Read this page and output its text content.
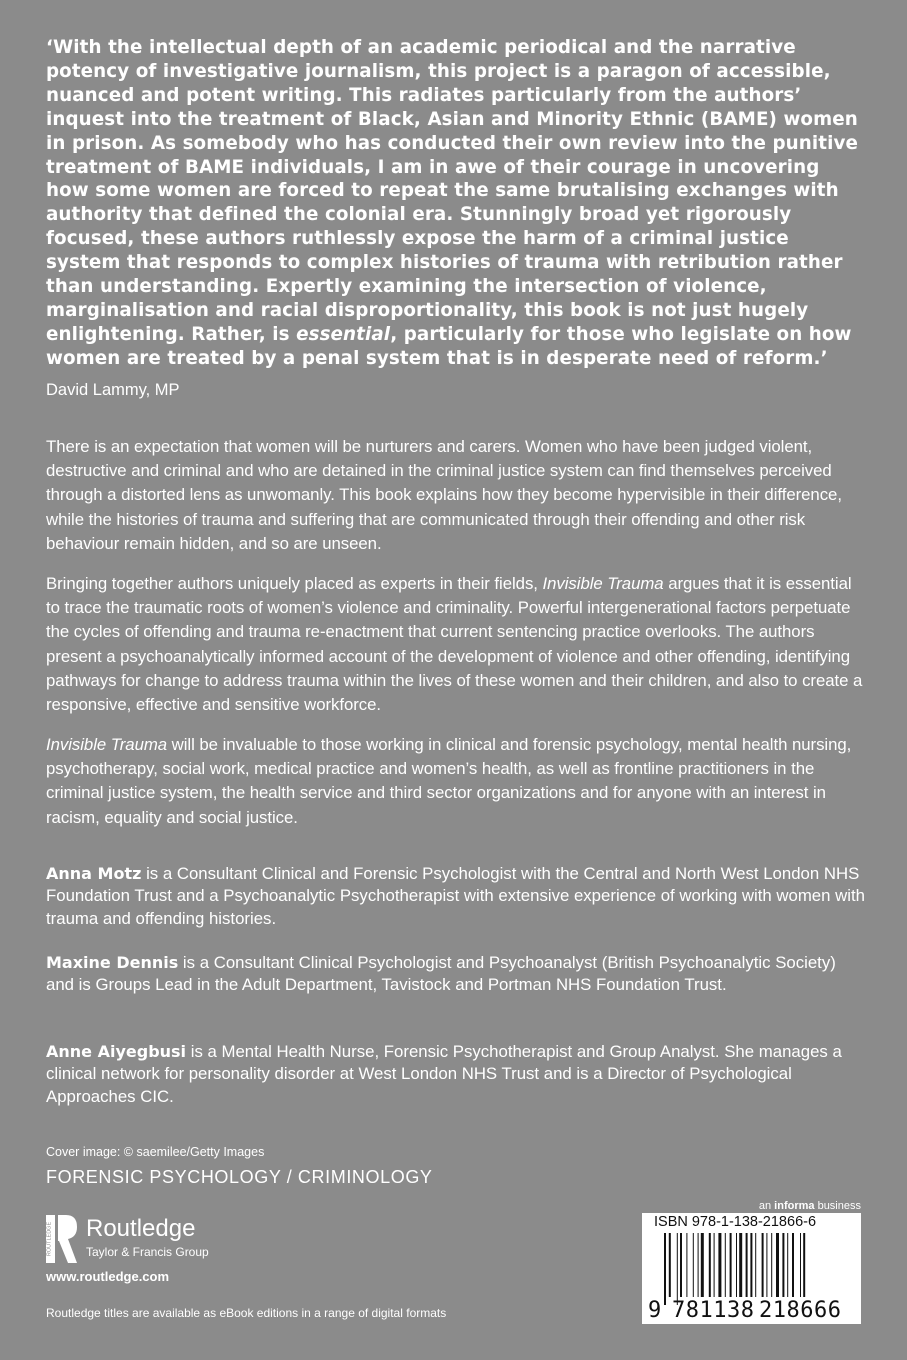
‘With the intellectual depth of an academic periodical and the narrative potency of investigative journalism, this project is a paragon of accessible, nuanced and potent writing. This radiates particularly from the authors’ inquest into the treatment of Black, Asian and Minority Ethnic (BAME) women in prison. As somebody who has conducted their own review into the punitive treatment of BAME individuals, I am in awe of their courage in uncovering how some women are forced to repeat the same brutalising exchanges with authority that defined the colonial era. Stunningly broad yet rigorously focused, these authors ruthlessly expose the harm of a criminal justice system that responds to complex histories of trauma with retribution rather than understanding. Expertly examining the intersection of violence, marginalisation and racial disproportionality, this book is not just hugely enlightening. Rather, is essential, particularly for those who legislate on how women are treated by a penal system that is in desperate need of reform.’

David Lammy, MP

There is an expectation that women will be nurturers and carers. Women who have been judged violent, destructive and criminal and who are detained in the criminal justice system can find themselves perceived through a distorted lens as unwomanly. This book explains how they become hypervisible in their difference, while the histories of trauma and suffering that are communicated through their offending and other risk behaviour remain hidden, and so are unseen.

Bringing together authors uniquely placed as experts in their fields, Invisible Trauma argues that it is essential to trace the traumatic roots of women’s violence and criminality. Powerful intergenerational factors perpetuate the cycles of offending and trauma re-enactment that current sentencing practice overlooks. The authors present a psychoanalytically informed account of the development of violence and other offending, identifying pathways for change to address trauma within the lives of these women and their children, and also to create a responsive, effective and sensitive workforce.

Invisible Trauma will be invaluable to those working in clinical and forensic psychology, mental health nursing, psychotherapy, social work, medical practice and women’s health, as well as frontline practitioners in the criminal justice system, the health service and third sector organizations and for anyone with an interest in racism, equality and social justice.

Anna Motz is a Consultant Clinical and Forensic Psychologist with the Central and North West London NHS Foundation Trust and a Psychoanalytic Psychotherapist with extensive experience of working with women with trauma and offending histories.

Maxine Dennis is a Consultant Clinical Psychologist and Psychoanalyst (British Psychoanalytic Society) and is Groups Lead in the Adult Department, Tavistock and Portman NHS Foundation Trust.

Anne Aiyegbusi is a Mental Health Nurse, Forensic Psychotherapist and Group Analyst. She manages a clinical network for personality disorder at West London NHS Trust and is a Director of Psychological Approaches CIC.

Cover image: © saemilee/Getty Images

FORENSIC PSYCHOLOGY / CRIMINOLOGY

ROUTLEDGE Routledge
Taylor & Francis Group

www.routledge.com

Routledge titles are available as eBook editions in a range of digital formats

an informa business

ISBN 978-1-138-21866-6
9 781138 218666
